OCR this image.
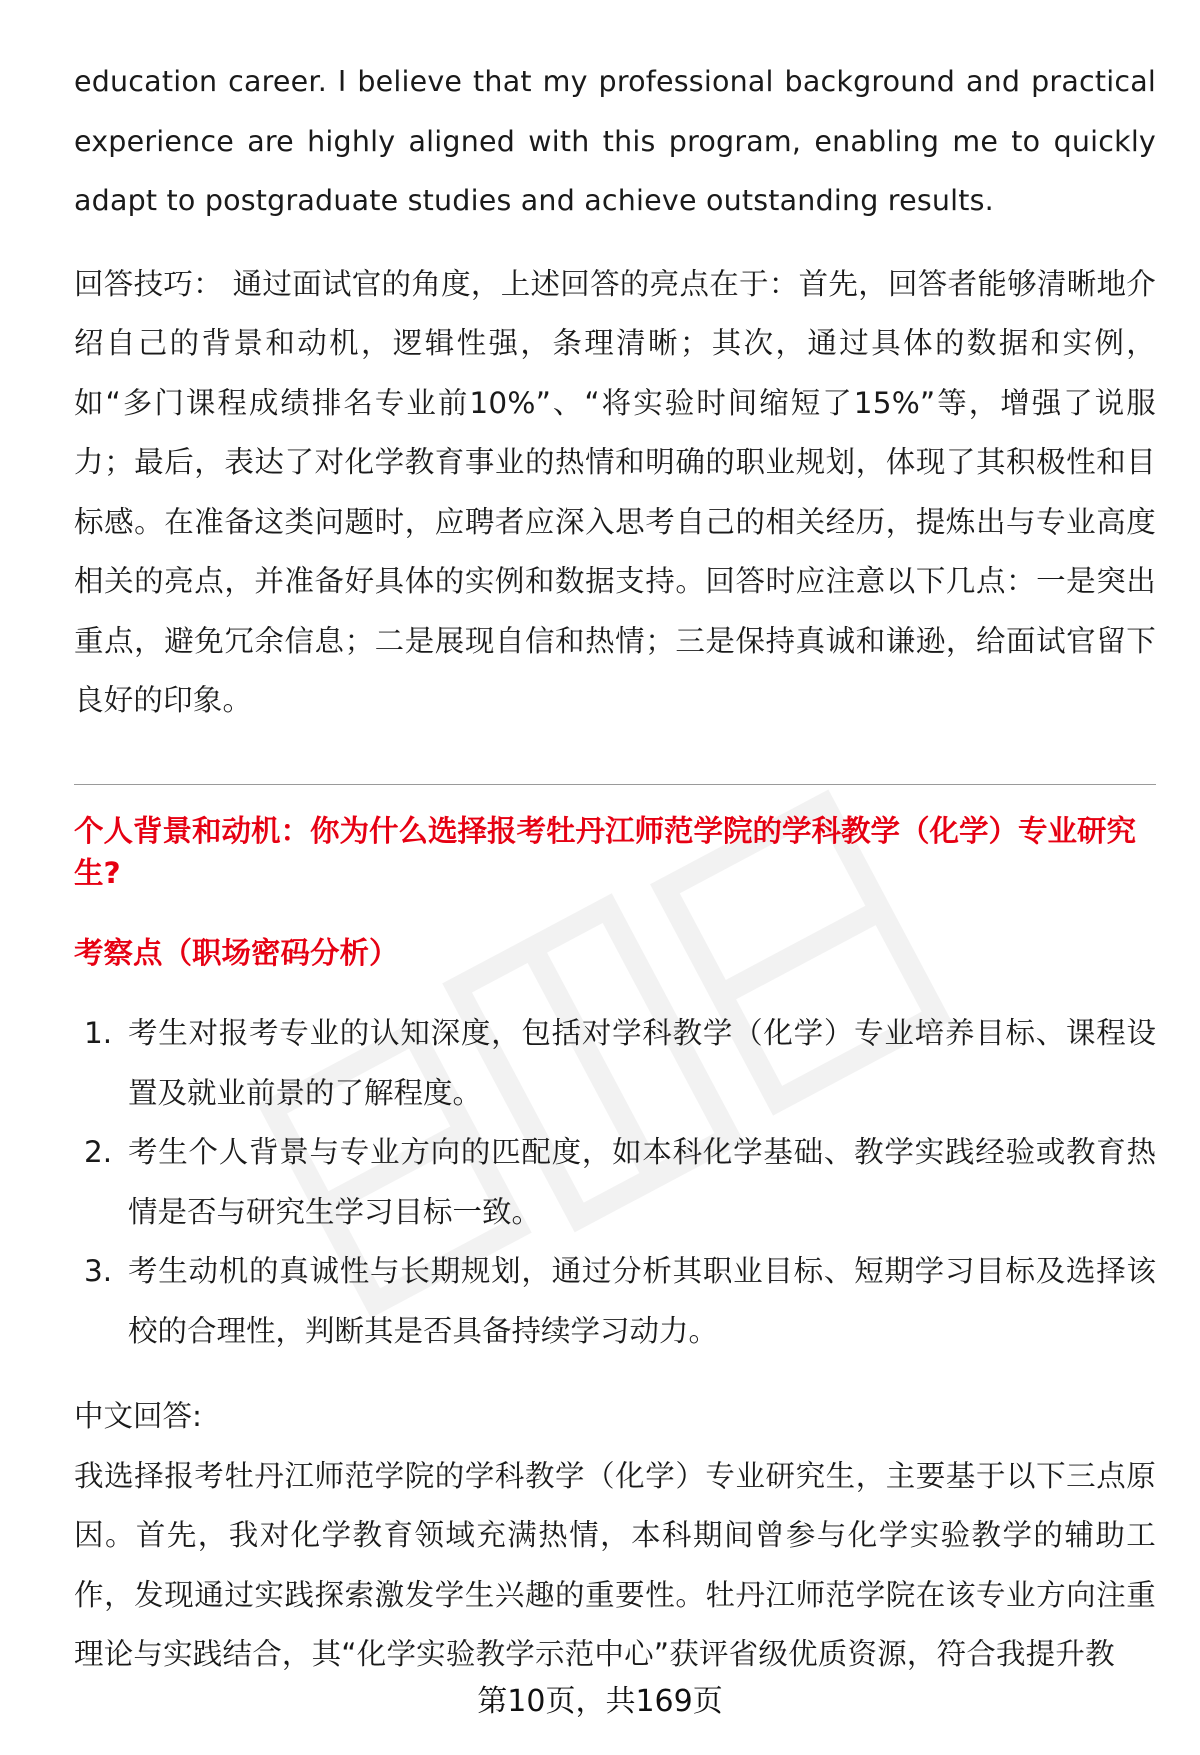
education career. I believe that my professional background and practical experience are highly aligned with this program, enabling me to quickly adapt to postgraduate studies and achieve outstanding results.

回答技巧： 通过面试官的角度，上述回答的亮点在于：首先，回答者能够清晰地介绍自己的背景和动机，逻辑性强，条理清晰；其次，通过具体的数据和实例，如“多门课程成绩排名专业前10%”、“将实验时间缩短了15%”等，增强了说服力；最后，表达了对化学教育事业的热情和明确的职业规划，体现了其积极性和目标感。在准备这类问题时，应聘者应深入思考自己的相关经历，提炼出与专业高度相关的亮点，并准备好具体的实例和数据支持。回答时应注意以下几点：一是突出重点，避免冗余信息；二是展现自信和热情；三是保持真诚和谦逊，给面试官留下良好的印象。

个人背景和动机：你为什么选择报考牡丹江师范学院的学科教学（化学）专业研究生?

考察点（职场密码分析）

1. 考生对报考专业的认知深度，包括对学科教学（化学）专业培养目标、课程设置及就业前景的了解程度。
2. 考生个人背景与专业方向的匹配度，如本科化学基础、教学实践经验或教育热情是否与研究生学习目标一致。
3. 考生动机的真诚性与长期规划，通过分析其职业目标、短期学习目标及选择该校的合理性，判断其是否具备持续学习动力。

中文回答:

我选择报考牡丹江师范学院的学科教学（化学）专业研究生，主要基于以下三点原因。首先，我对化学教育领域充满热情，本科期间曾参与化学实验教学的辅助工作，发现通过实践探索激发学生兴趣的重要性。牡丹江师范学院在该专业方向注重理论与实践结合，其“化学实验教学示范中心”获评省级优质资源，符合我提升教

第10页，共169页
